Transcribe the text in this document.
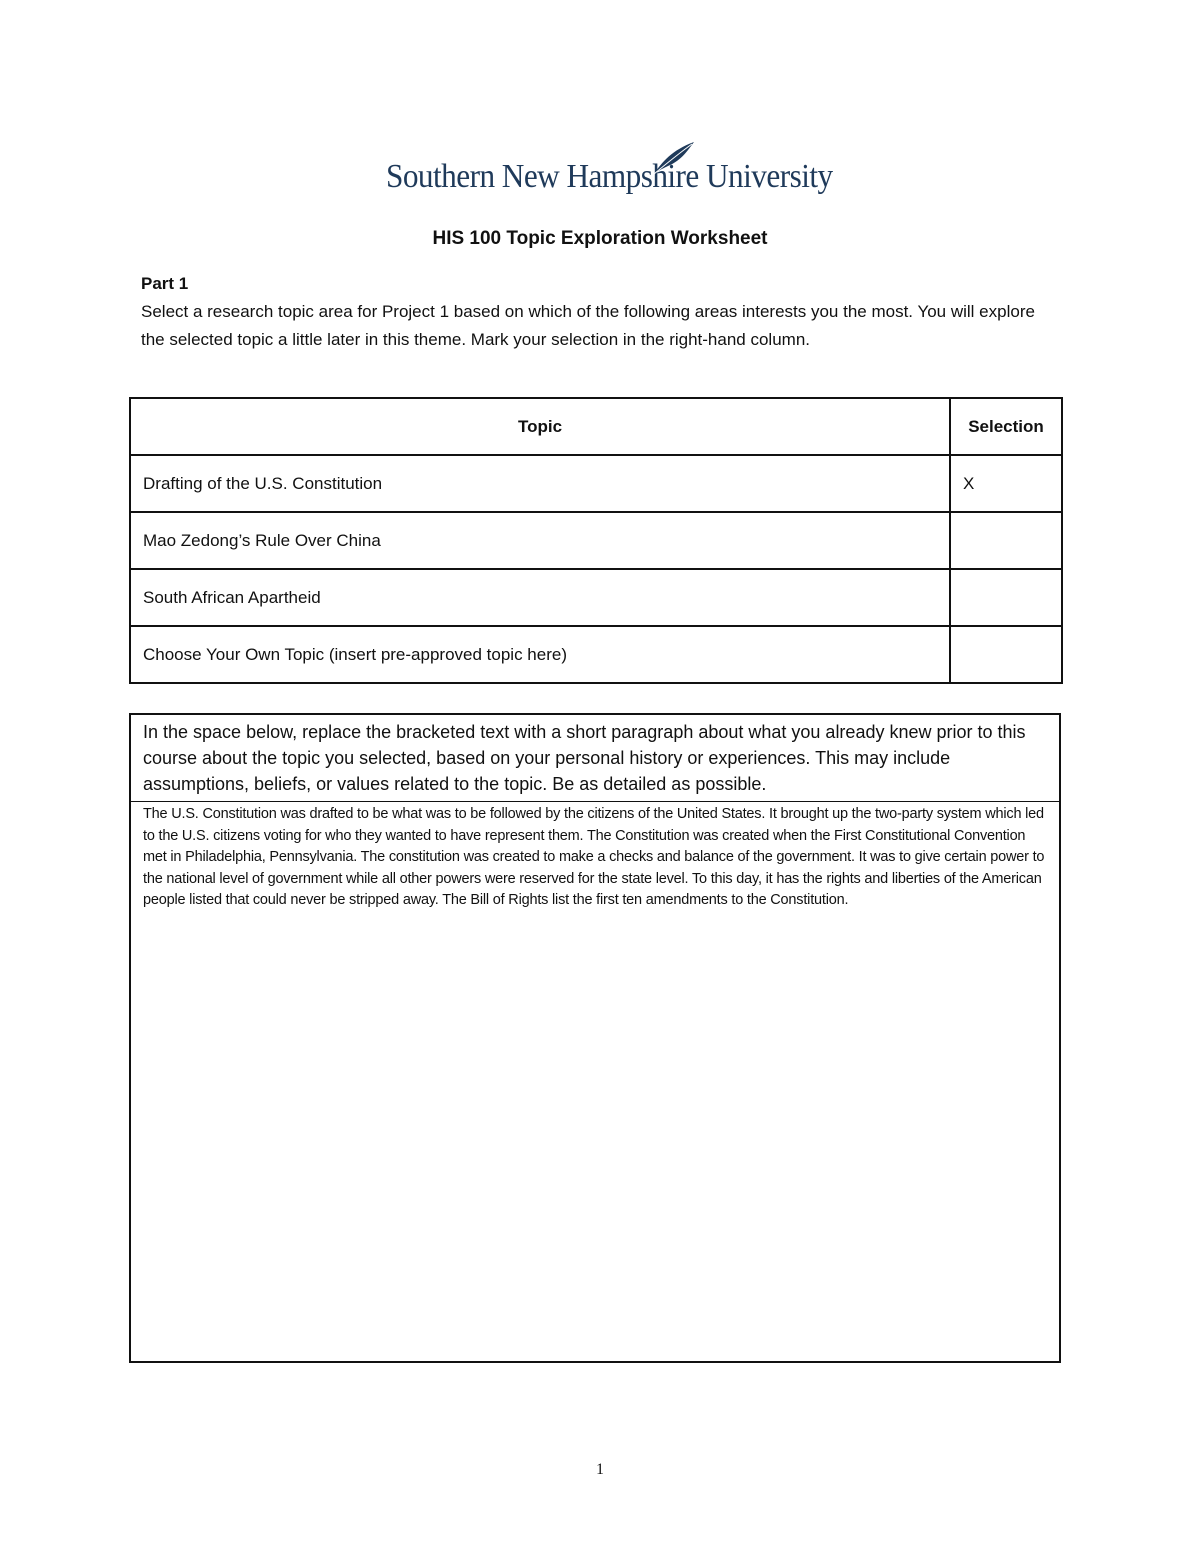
Southern New Hampshire University
HIS 100 Topic Exploration Worksheet
Part 1
Select a research topic area for Project 1 based on which of the following areas interests you the most. You will explore the selected topic a little later in this theme. Mark your selection in the right-hand column.
Topic	Selection
Drafting of the U.S. Constitution	X
Mao Zedong’s Rule Over China	
South African Apartheid	
Choose Your Own Topic (insert pre-approved topic here)	
In the space below, replace the bracketed text with a short paragraph about what you already knew prior to this course about the topic you selected, based on your personal history or experiences. This may include assumptions, beliefs, or values related to the topic. Be as detailed as possible.
The U.S. Constitution was drafted to be what was to be followed by the citizens of the United States. It brought up the two-party system which led to the U.S. citizens voting for who they wanted to have represent them. The Constitution was created when the First Constitutional Convention met in Philadelphia, Pennsylvania. The constitution was created to make a checks and balance of the government. It was to give certain power to the national level of government while all other powers were reserved for the state level. To this day, it has the rights and liberties of the American people listed that could never be stripped away. The Bill of Rights list the first ten amendments to the Constitution.
1
